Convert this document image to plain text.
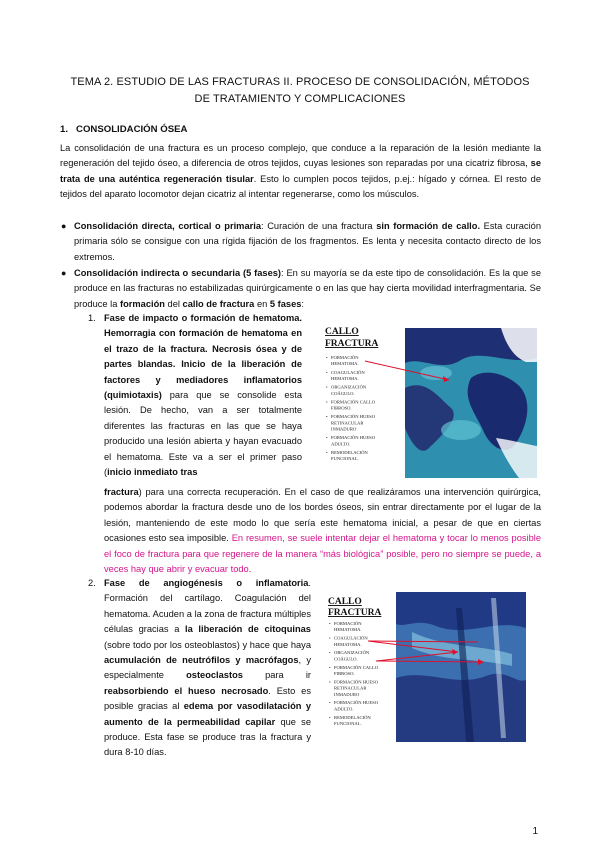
TEMA 2. ESTUDIO DE LAS FRACTURAS II. PROCESO DE CONSOLIDACIÓN, MÉTODOS DE TRATAMIENTO Y COMPLICACIONES
1. CONSOLIDACIÓN ÓSEA
La consolidación de una fractura es un proceso complejo, que conduce a la reparación de la lesión mediante la regeneración del tejido óseo, a diferencia de otros tejidos, cuyas lesiones son reparadas por una cicatriz fibrosa, se trata de una auténtica regeneración tisular. Esto lo cumplen pocos tejidos, p.ej.: hígado y córnea. El resto de tejidos del aparato locomotor dejan cicatriz al intentar regenerarse, como los músculos.
● Consolidación directa, cortical o primaria: Curación de una fractura sin formación de callo. Esta curación primaria sólo se consigue con una rígida fijación de los fragmentos. Es lenta y necesita contacto directo de los extremos.
● Consolidación indirecta o secundaria (5 fases): En su mayoría se da este tipo de consolidación. Es la que se produce en las fracturas no estabilizadas quirúrgicamente o en las que hay cierta movilidad interfragmentaria. Se produce la formación del callo de fractura en 5 fases:
1.
CALLO
FRACTURA
• FORMACIÓN
HEMATOMA.
• COAGULACIÓN
HEMATOMA.
• ORGANIZACIÓN
COÁGULO.
• FORMACIÓN CALLO
FIBROSO.
• FORMACIÓN HUESO
RETINACULAR
INMADURO
• FORMACIÓN HUESO
ADULTO.
• REMODELACIÓN
FUNCIONAL.
Fase de impacto o formación de hematoma. Hemorragia con formación de hematoma en el trazo de la fractura. Necrosis ósea y de partes blandas. Inicio de la liberación de factores y mediadores inflamatorios (quimiotaxis) para que se consolide esta lesión. De hecho, van a ser totalmente diferentes las fracturas en las que se haya producido una lesión abierta y hayan evacuado el hematoma. Este va a ser el primer paso (inicio inmediato tras
fractura) para una correcta recuperación. En el caso de que realizáramos una intervención quirúrgica, podemos abordar la fractura desde uno de los bordes óseos, sin entrar directamente por el lugar de la lesión, manteniendo de este modo lo que sería este hematoma inicial, a pesar de que en ciertas ocasiones esto sea imposible. En resumen, se suele intentar dejar el hematoma y tocar lo menos posible el foco de fractura para que regenere de la manera “más biológica” posible, pero no siempre se puede, a veces hay que abrir y evacuar todo.
2.
CALLO
FRACTURA
• FORMACIÓN
HEMATOMA.
• COAGULACIÓN
HEMATOMA.
• ORGANIZACIÓN
COÁGULO.
• FORMACIÓN CALLO
FIBROSO.
• FORMACIÓN HUESO
RETINACULAR
INMADURO
• FORMACIÓN HUESO
ADULTO.
• REMODELACIÓN
FUNCIONAL.
Fase de angiogénesis o inflamatoria. Formación del cartílago. Coagulación del hematoma. Acuden a la zona de fractura múltiples células gracias a la liberación de citoquinas (sobre todo por los osteoblastos) y hace que haya acumulación de neutrófilos y macrófagos, y especialmente osteoclastos para ir reabsorbiendo el hueso necrosado. Esto es posible gracias al edema por vasodilatación y aumento de la permeabilidad capilar que se produce. Esta fase se produce tras la fractura y dura 8-10 días.
1
